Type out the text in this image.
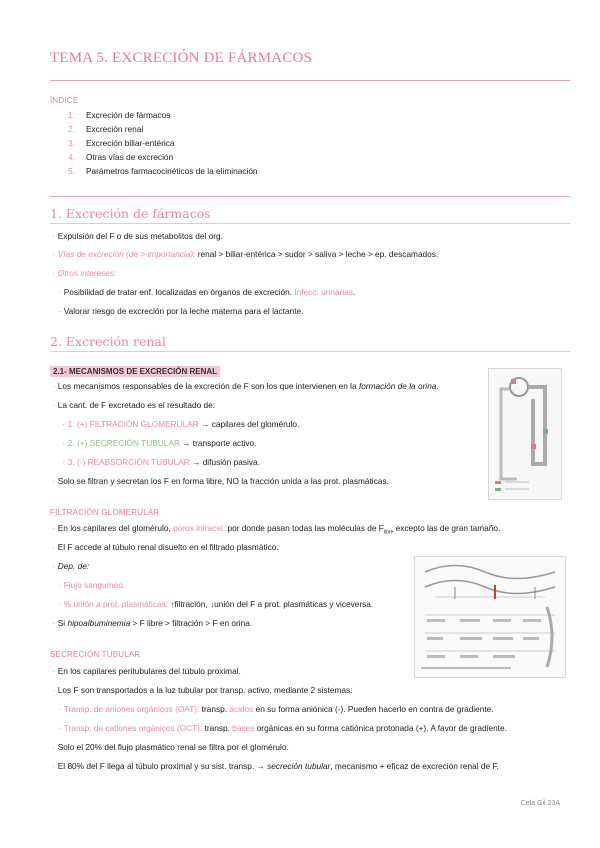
TEMA 5. EXCRECIÓN DE FÁRMACOS
ÍNDICE
1. Excreción de fármacos
2. Excreción renal
3. Excreción biliar-entérica
4. Otras vías de excreción
5. Parámetros farmacocinéticos de la eliminación
1. Excreción de fármacos
· Expulsión del F o de sus metabolitos del org.
· Vías de excreción (de > importancia): renal > biliar-entérica > sudor > saliva > leche > ep. descamados.
· Otros intereses:
· Posibilidad de tratar enf. localizadas en órganos de excreción. Infecc. urinarias.
· Valorar riesgo de excreción por la leche materna para el lactante.
2. Excreción renal
2.1- MECANISMOS DE EXCRECIÓN RENAL
· Los mecanismos responsables de la excreción de F son los que intervienen en la formación de la orina.
· La cant. de F excretado es el resultado de:
· 1. (+) FILTRACIÓN GLOMERULAR → capilares del glomérulo.
· 2. (+) SECRECIÓN TUBULAR → transporte activo.
· 3. (-) REABSORCIÓN TUBULAR → difusión pasiva.
· Solo se filtran y secretan los F en forma libre, NO la fracción unida a las prot. plasmáticas.
FILTRACIÓN GLOMERULAR
· En los capilares del glomérulo, poros intracel. por donde pasan todas las moléculas de $F_{libre}$ excepto las de gran tamaño.
· El F accede al túbulo renal disuelto en el filtrado plasmático.
· Dep. de:
· Flujo sanguíneo.
· % unión a prot. plasmáticas: ↑filtración, ↓unión del F a prot. plasmáticas y viceversa.
· Si hipoalbuminemia > F libre > filtración > F en orina.
SECRECIÓN TUBULAR
· En los capilares peritubulares del túbulo proximal.
· Los F son transportados a la luz tubular por transp. activo, mediante 2 sistemas:
· Transp. de aniones orgánicos (OAT): transp. ácidos en su forma aniónica (-). Pueden hacerlo en contra de gradiente.
· Transp. de cationes orgánicos (OCT): transp. bases orgánicas en su forma catiónica protonada (+). A favor de gradiente.
· Solo el 20% del flujo plasmático renal se filtra por el glomérulo.
· El 80% del F llega al túbulo proximal y su sist. transp. → secreción tubular, mecanismo + eficaz de excreción renal de F.
Cela Gil 23A
